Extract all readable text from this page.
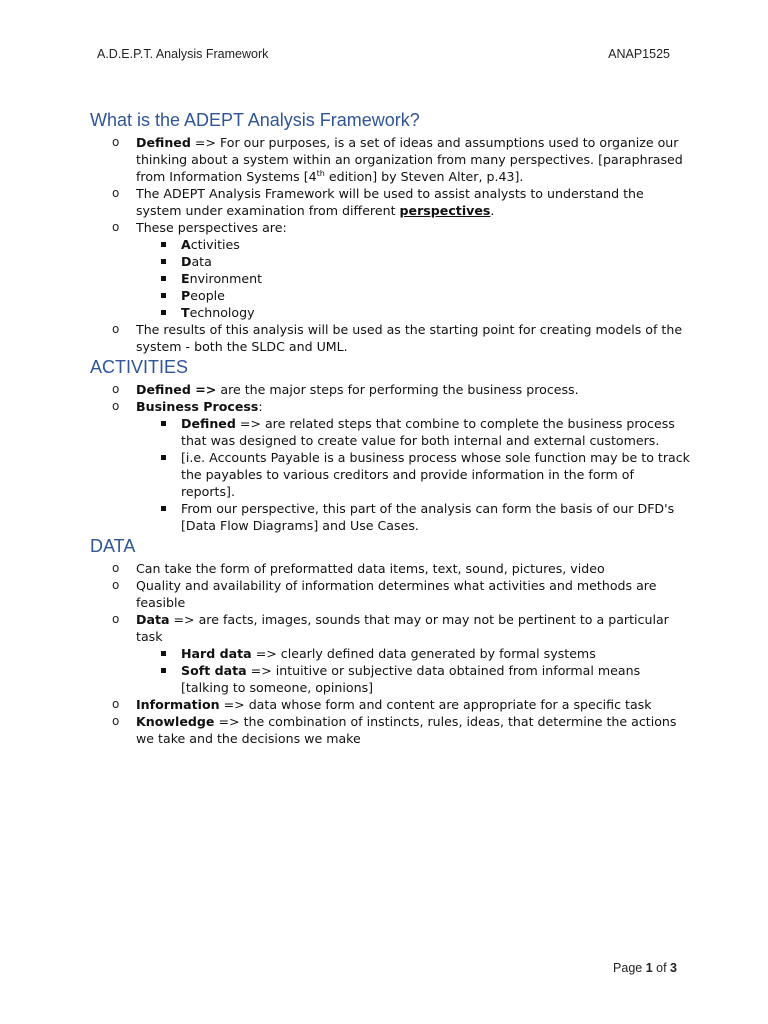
A.D.E.P.T. Analysis Framework	ANAP1525
What is the ADEPT Analysis Framework?
o Defined => For our purposes, is a set of ideas and assumptions used to organize our thinking about a system within an organization from many perspectives. [paraphrased from Information Systems [4th edition] by Steven Alter, p.43].
o The ADEPT Analysis Framework will be used to assist analysts to understand the system under examination from different perspectives.
o These perspectives are:
Activities
Data
Environment
People
Technology
o The results of this analysis will be used as the starting point for creating models of the system - both the SLDC and UML.
ACTIVITIES
o Defined => are the major steps for performing the business process.
o Business Process:
Defined => are related steps that combine to complete the business process that was designed to create value for both internal and external customers.
[i.e. Accounts Payable is a business process whose sole function may be to track the payables to various creditors and provide information in the form of reports].
From our perspective, this part of the analysis can form the basis of our DFD's [Data Flow Diagrams] and Use Cases.
DATA
o Can take the form of preformatted data items, text, sound, pictures, video
o Quality and availability of information determines what activities and methods are feasible
o Data => are facts, images, sounds that may or may not be pertinent to a particular task
Hard data => clearly defined data generated by formal systems
Soft data => intuitive or subjective data obtained from informal means [talking to someone, opinions]
o Information => data whose form and content are appropriate for a specific task
o Knowledge => the combination of instincts, rules, ideas, that determine the actions we take and the decisions we make
Page 1 of 3
